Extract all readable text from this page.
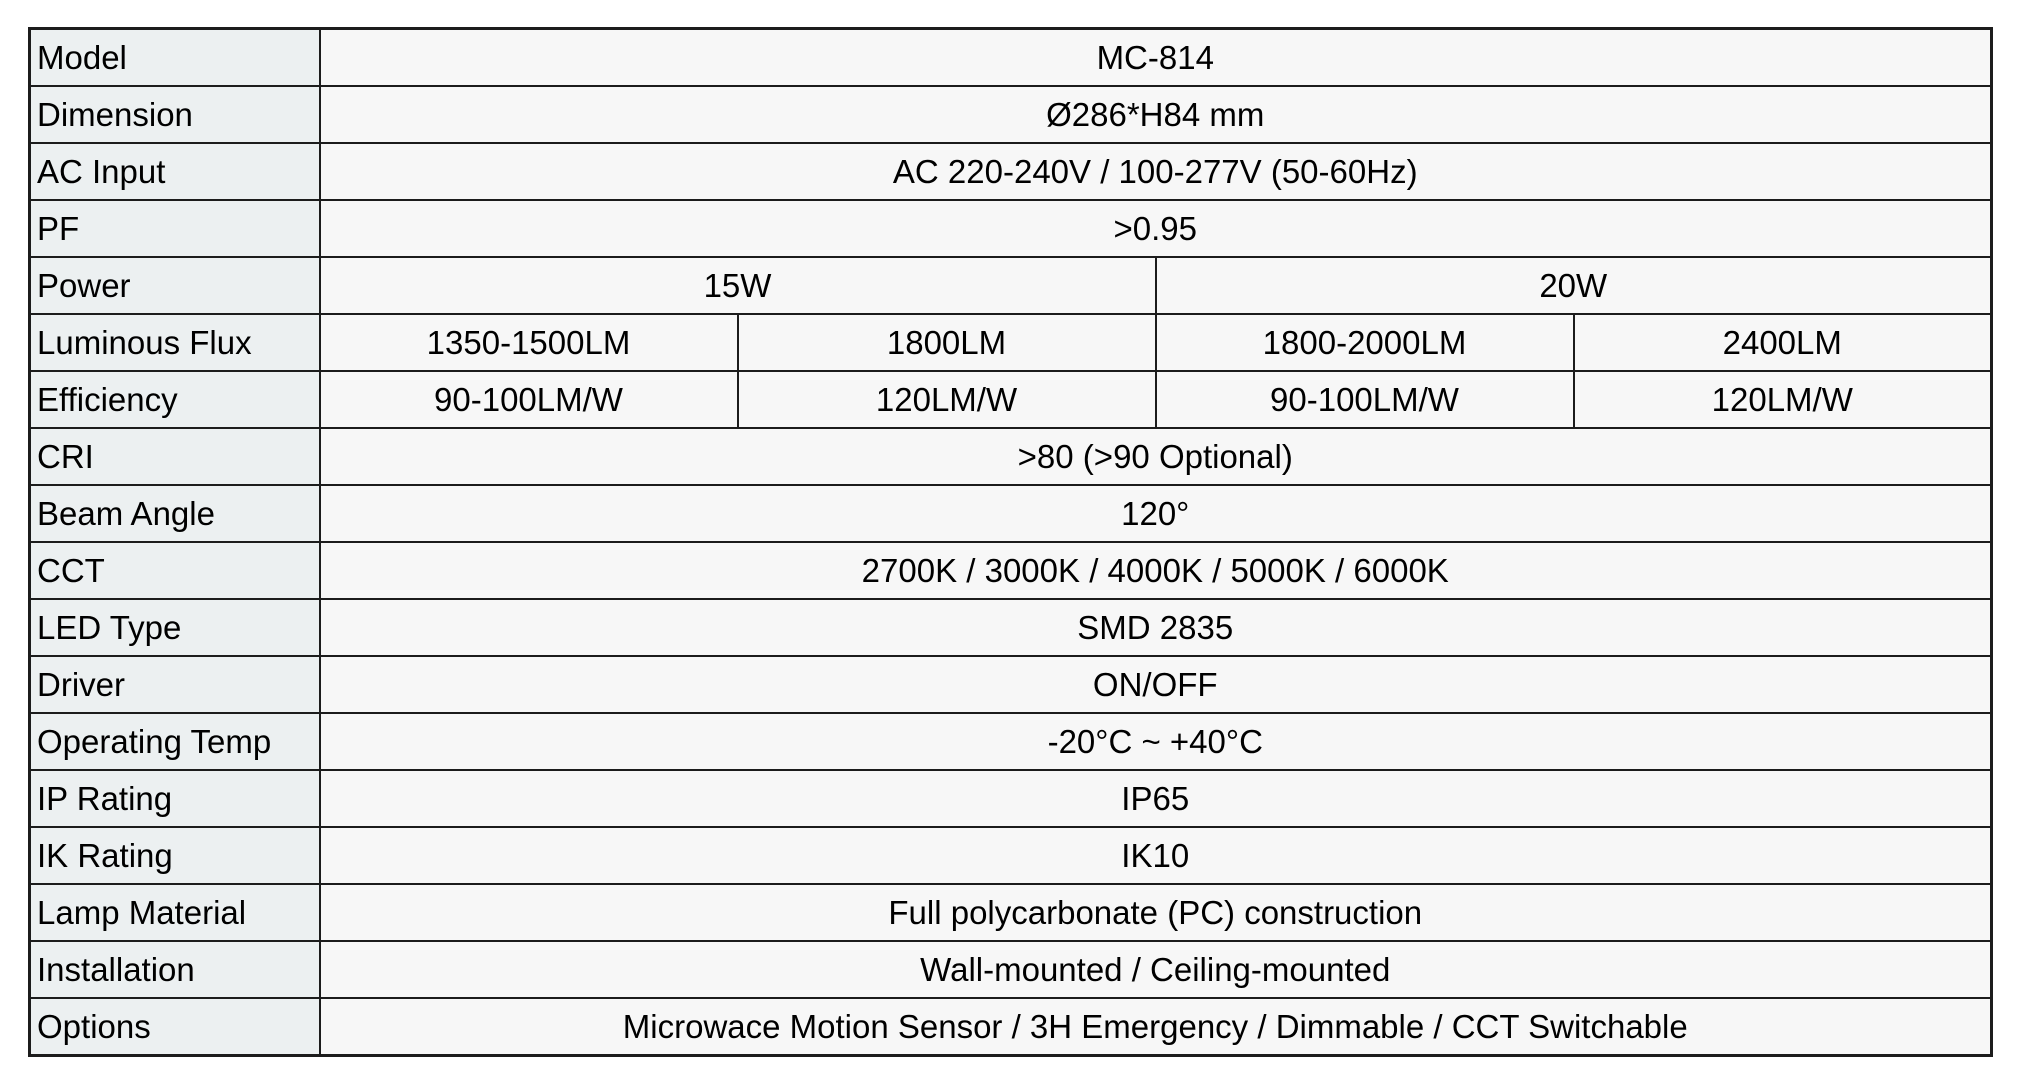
Model	MC-814			
Dimension	Ø286*H84 mm			
AC Input	AC 220-240V / 100-277V (50-60Hz)			
PF	>0.95			
Power	15W		20W	
Luminous Flux	1350-1500LM	1800LM	1800-2000LM	2400LM
Efficiency	90-100LM/W	120LM/W	90-100LM/W	120LM/W
CRI	>80 (>90 Optional)			
Beam Angle	120°			
CCT	2700K / 3000K / 4000K / 5000K / 6000K			
LED Type	SMD 2835			
Driver	ON/OFF			
Operating Temp	-20°C ~ +40°C			
IP Rating	IP65			
IK Rating	IK10			
Lamp Material	Full polycarbonate (PC) construction			
Installation	Wall-mounted / Ceiling-mounted			
Options	Microwace Motion Sensor / 3H Emergency / Dimmable / CCT Switchable			
